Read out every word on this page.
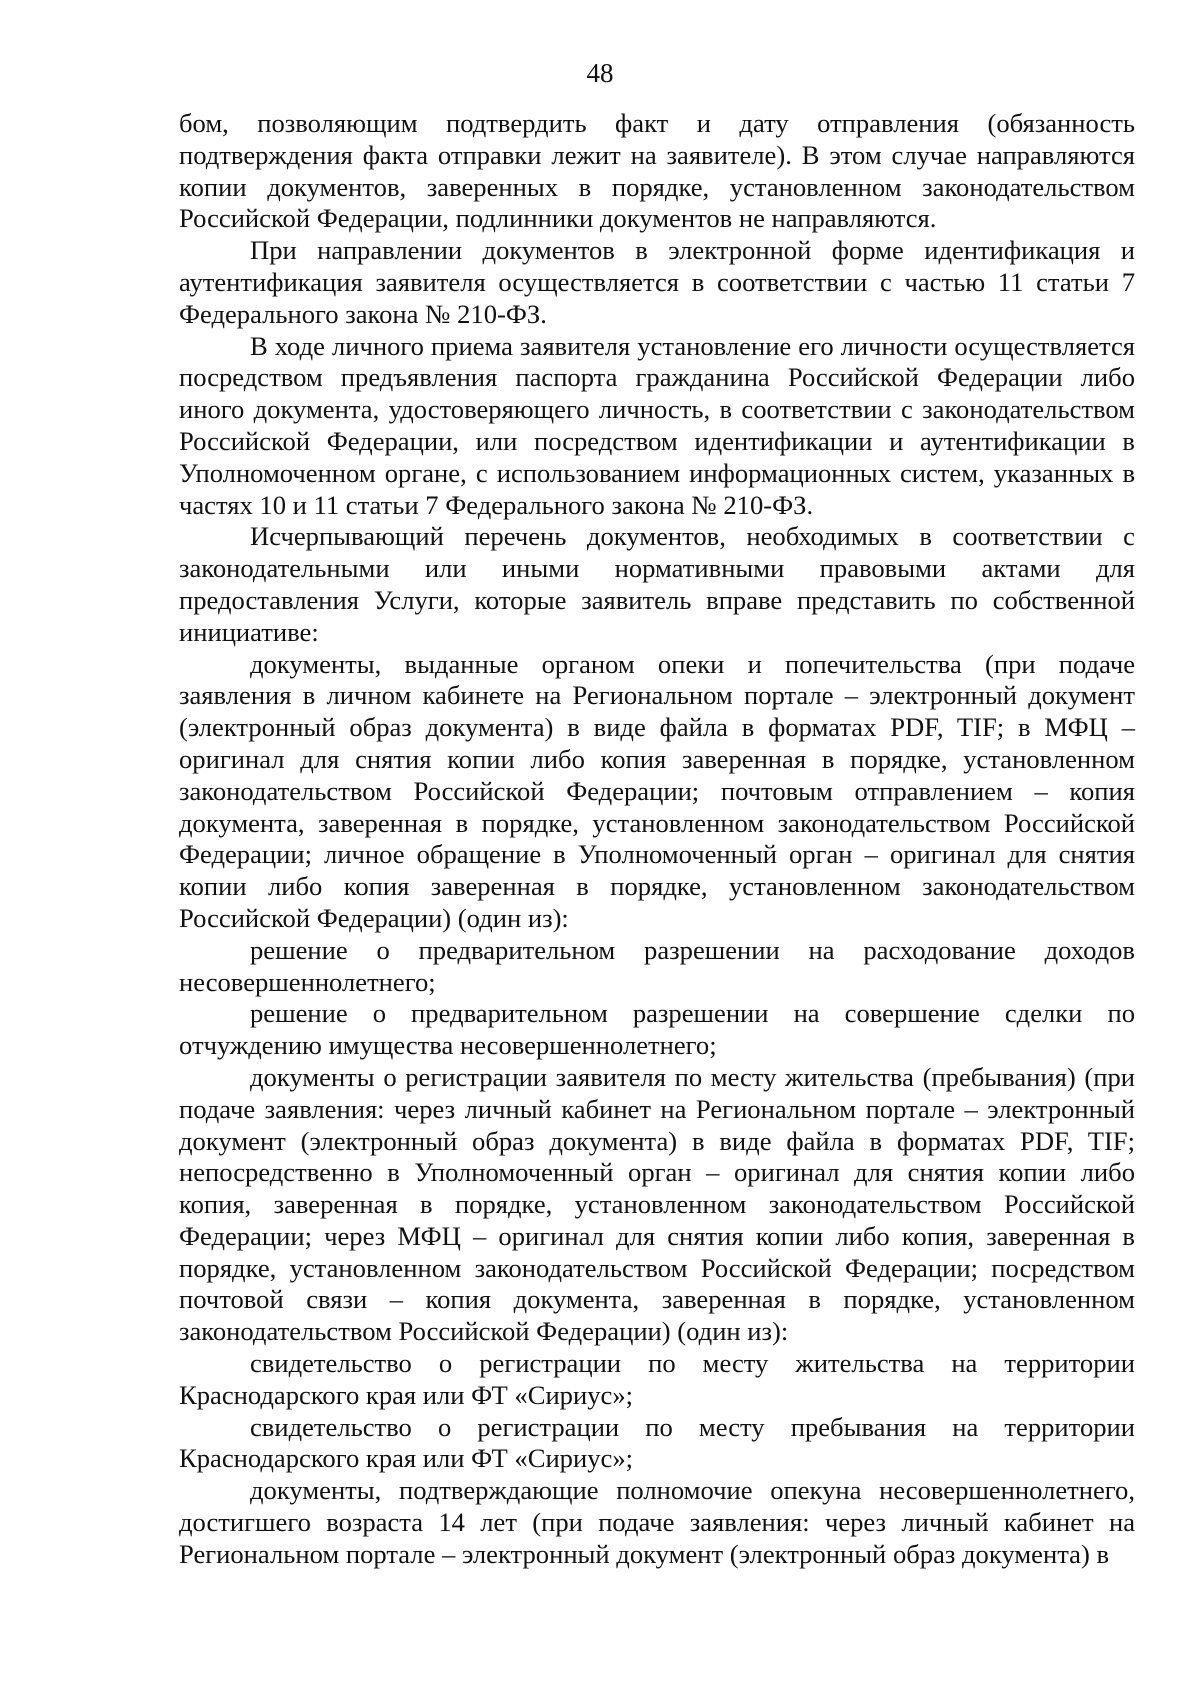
48

бом, позволяющим подтвердить факт и дату отправления (обязанность подтверждения факта отправки лежит на заявителе). В этом случае направляются копии документов, заверенных в порядке, установленном законодательством Российской Федерации, подлинники документов не направляются.

При направлении документов в электронной форме идентификация и аутентификация заявителя осуществляется в соответствии с частью 11 статьи 7 Федерального закона № 210-ФЗ.

В ходе личного приема заявителя установление его личности осуществляется посредством предъявления паспорта гражданина Российской Федерации либо иного документа, удостоверяющего личность, в соответствии с законодательством Российской Федерации, или посредством идентификации и аутентификации в Уполномоченном органе, с использованием информационных систем, указанных в частях 10 и 11 статьи 7 Федерального закона № 210-ФЗ.

Исчерпывающий перечень документов, необходимых в соответствии с законодательными или иными нормативными правовыми актами для предоставления Услуги, которые заявитель вправе представить по собственной инициативе:

документы, выданные органом опеки и попечительства (при подаче заявления в личном кабинете на Региональном портале – электронный документ (электронный образ документа) в виде файла в форматах PDF, TIF; в МФЦ – оригинал для снятия копии либо копия заверенная в порядке, установленном законодательством Российской Федерации; почтовым отправлением – копия документа, заверенная в порядке, установленном законодательством Российской Федерации; личное обращение в Уполномоченный орган – оригинал для снятия копии либо копия заверенная в порядке, установленном законодательством Российской Федерации) (один из):

решение о предварительном разрешении на расходование доходов несовершеннолетнего;

решение о предварительном разрешении на совершение сделки по отчуждению имущества несовершеннолетнего;

документы о регистрации заявителя по месту жительства (пребывания) (при подаче заявления: через личный кабинет на Региональном портале – электронный документ (электронный образ документа) в виде файла в форматах PDF, TIF; непосредственно в Уполномоченный орган – оригинал для снятия копии либо копия, заверенная в порядке, установленном законодательством Российской Федерации; через МФЦ – оригинал для снятия копии либо копия, заверенная в порядке, установленном законодательством Российской Федерации; посредством почтовой связи – копия документа, заверенная в порядке, установленном законодательством Российской Федерации) (один из):

свидетельство о регистрации по месту жительства на территории Краснодарского края или ФТ «Сириус»;

свидетельство о регистрации по месту пребывания на территории Краснодарского края или ФТ «Сириус»;

документы, подтверждающие полномочие опекуна несовершеннолетнего, достигшего возраста 14 лет (при подаче заявления: через личный кабинет на Региональном портале – электронный документ (электронный образ документа) в
